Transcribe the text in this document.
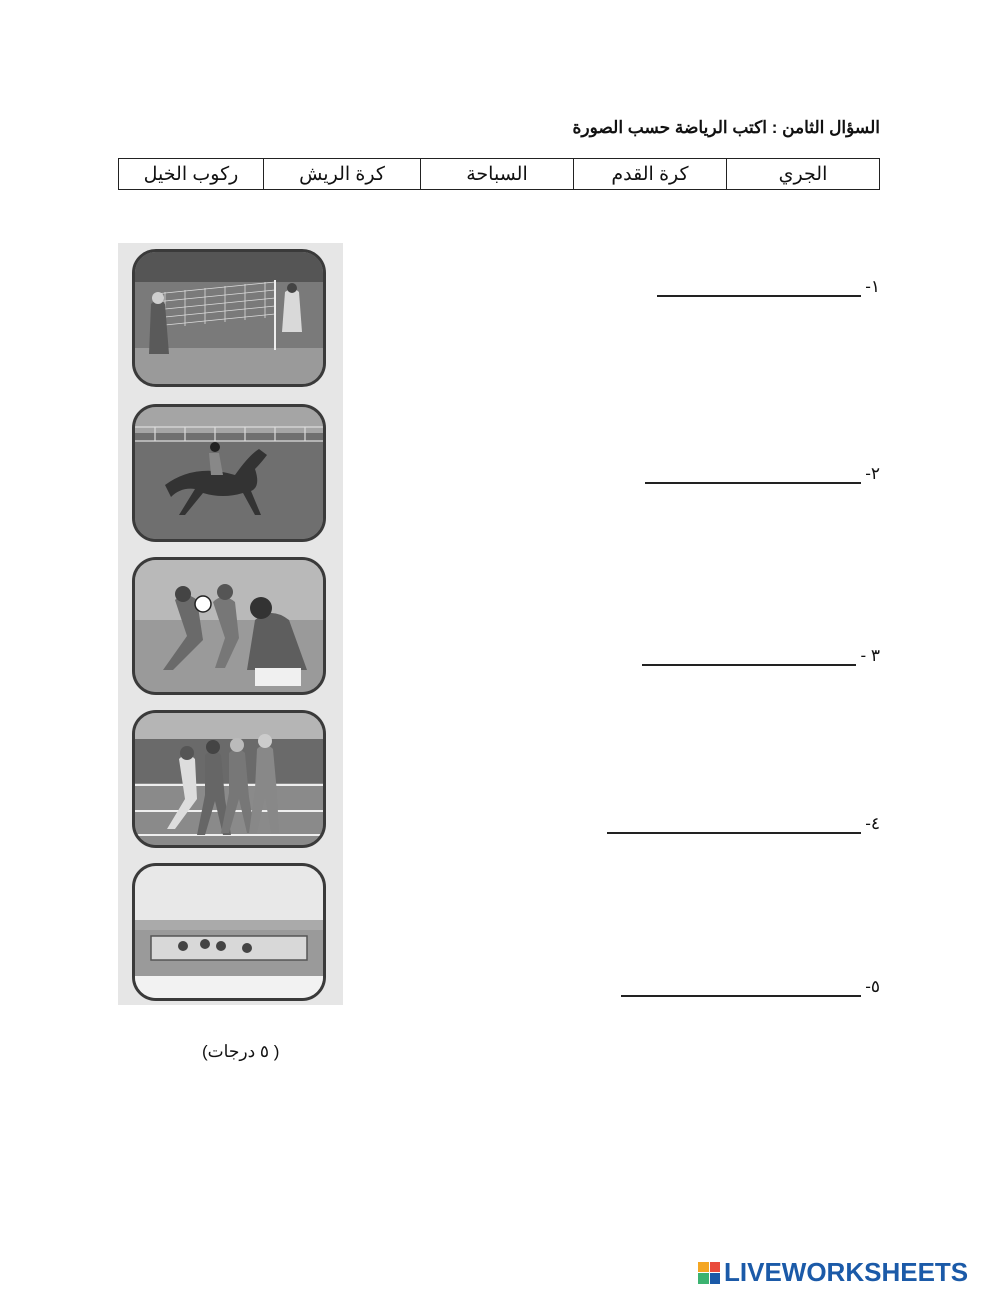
السؤال الثامن : اكتب الرياضة حسب الصورة
الجري	كرة القدم	السباحة	كرة الريش	ركوب الخيل
١-
٢-
٣ -
٤-
٥-
( ٥ درجات)
LIVEWORKSHEETS
